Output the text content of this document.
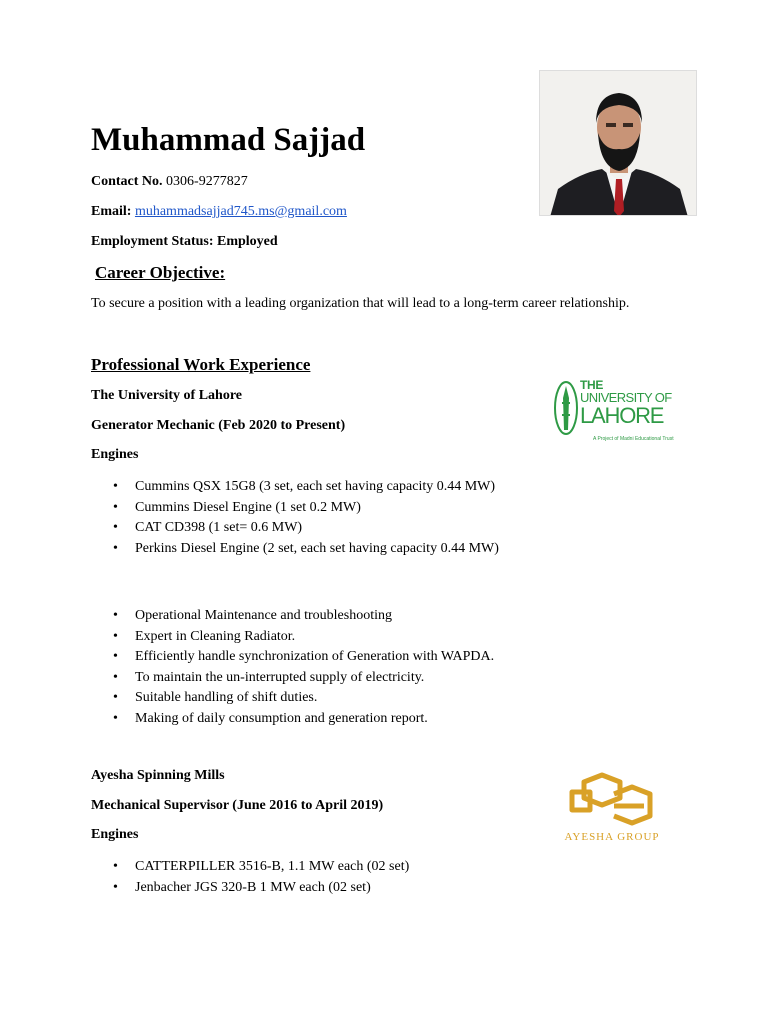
Muhammad Sajjad
Contact No. 0306-9277827
Email: muhammadsajjad745.ms@gmail.com
Employment Status: Employed
Career Objective:
To secure a position with a leading organization that will lead to a long-term career relationship.
Professional Work Experience
The University of Lahore
Generator Mechanic (Feb 2020 to Present)
Engines
• Cummins QSX 15G8 (3 set, each set having capacity 0.44 MW)
• Cummins Diesel Engine (1 set 0.2 MW)
• CAT CD398 (1 set= 0.6 MW)
• Perkins Diesel Engine (2 set, each set having capacity 0.44 MW)
• Operational Maintenance and troubleshooting
• Expert in Cleaning Radiator.
• Efficiently handle synchronization of Generation with WAPDA.
• To maintain the un-interrupted supply of electricity.
• Suitable handling of shift duties.
• Making of daily consumption and generation report.
THE
UNIVERSITY OF
LAHORE
A Project of Madni Educational Trust
Ayesha Spinning Mills
Mechanical Supervisor (June 2016 to April 2019)
Engines
• CATTERPILLER 3516-B, 1.1 MW each (02 set)
• Jenbacher JGS 320-B 1 MW each (02 set)
AYESHA GROUP
